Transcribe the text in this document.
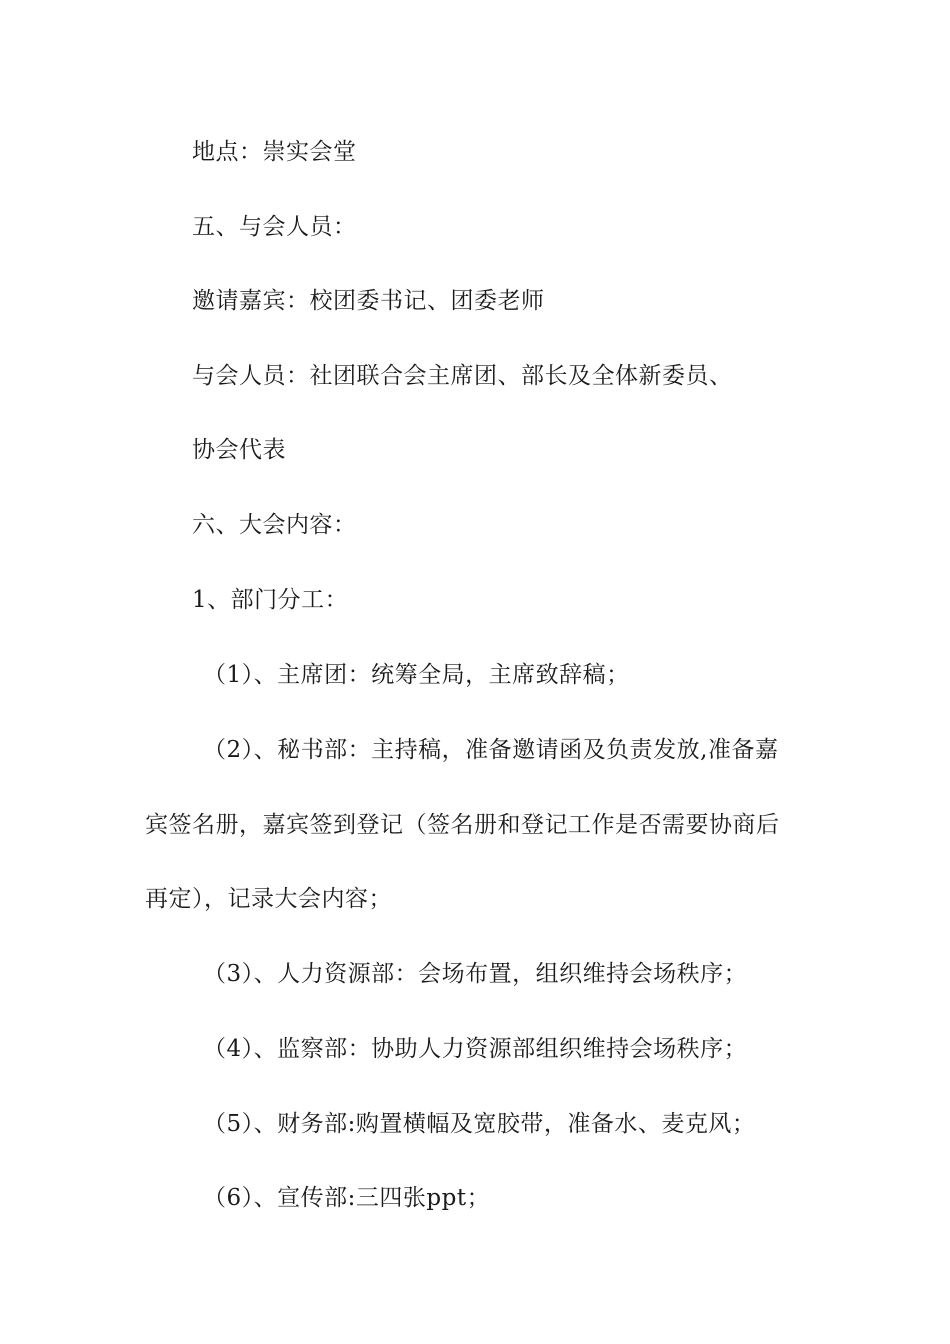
地点：崇实会堂
五、与会人员：
邀请嘉宾：校团委书记、团委老师
与会人员：社团联合会主席团、部长及全体新委员、
协会代表
六、大会内容：
1、部门分工：
（1）、主席团：统筹全局，主席致辞稿；
（2）、秘书部：主持稿，准备邀请函及负责发放,准备嘉
宾签名册，嘉宾签到登记（签名册和登记工作是否需要协商后
再定），记录大会内容；
（3）、人力资源部：会场布置，组织维持会场秩序；
（4）、监察部：协助人力资源部组织维持会场秩序；
（5）、财务部:购置横幅及宽胶带，准备水、麦克风；
（6）、宣传部:三四张ppt；
